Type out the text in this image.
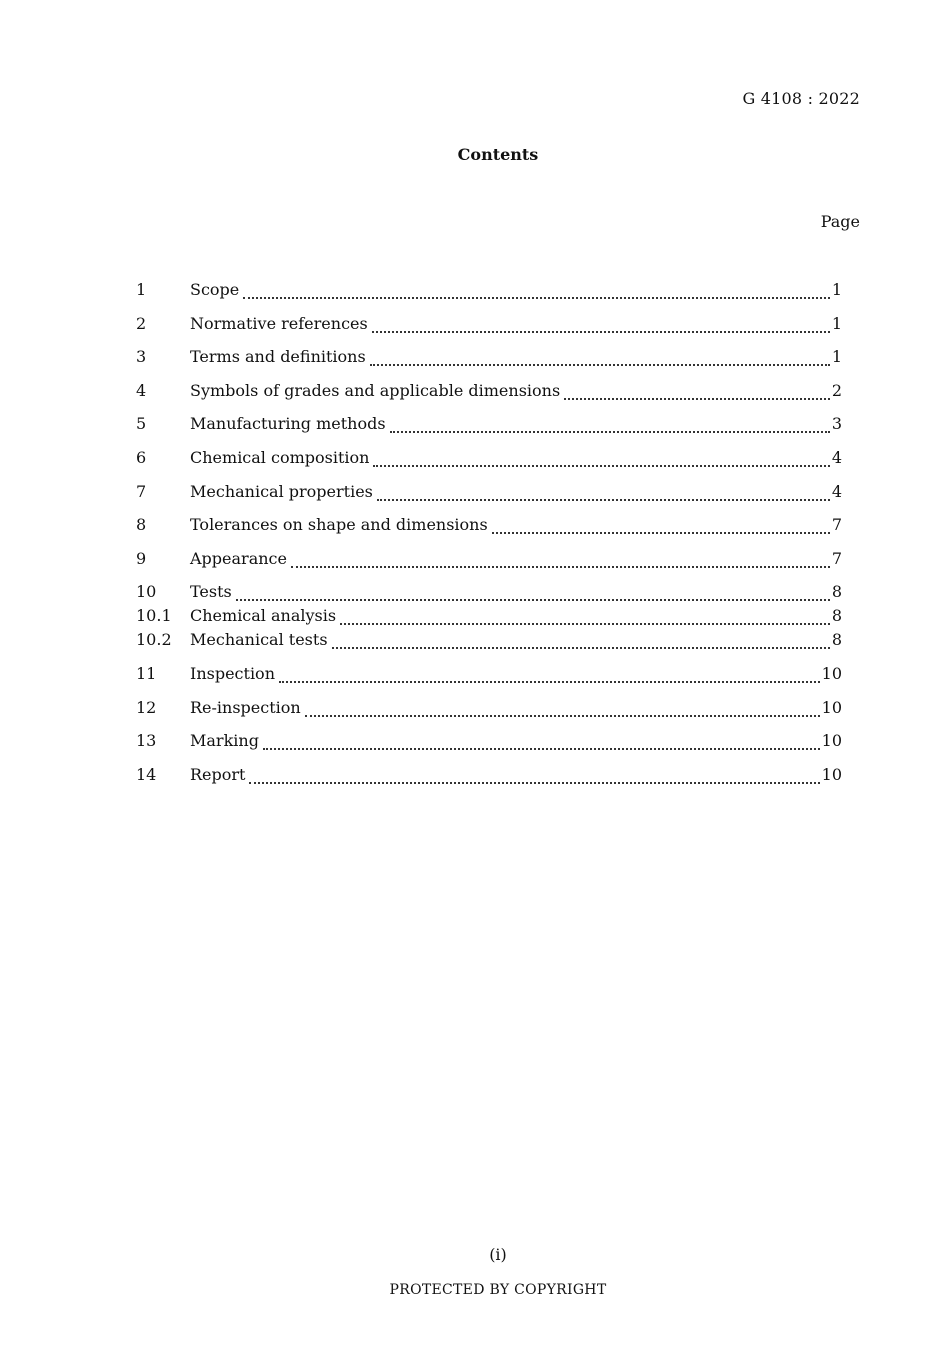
G 4108 : 2022
Contents
Page
1	Scope	1
2	Normative references	1
3	Terms and definitions	1
4	Symbols of grades and applicable dimensions	2
5	Manufacturing methods	3
6	Chemical composition	4
7	Mechanical properties	4
8	Tolerances on shape and dimensions	7
9	Appearance	7
10	Tests	8
10.1	Chemical analysis	8
10.2	Mechanical tests	8
11	Inspection	10
12	Re-inspection	10
13	Marking	10
14	Report	10
(i)
PROTECTED BY COPYRIGHT
